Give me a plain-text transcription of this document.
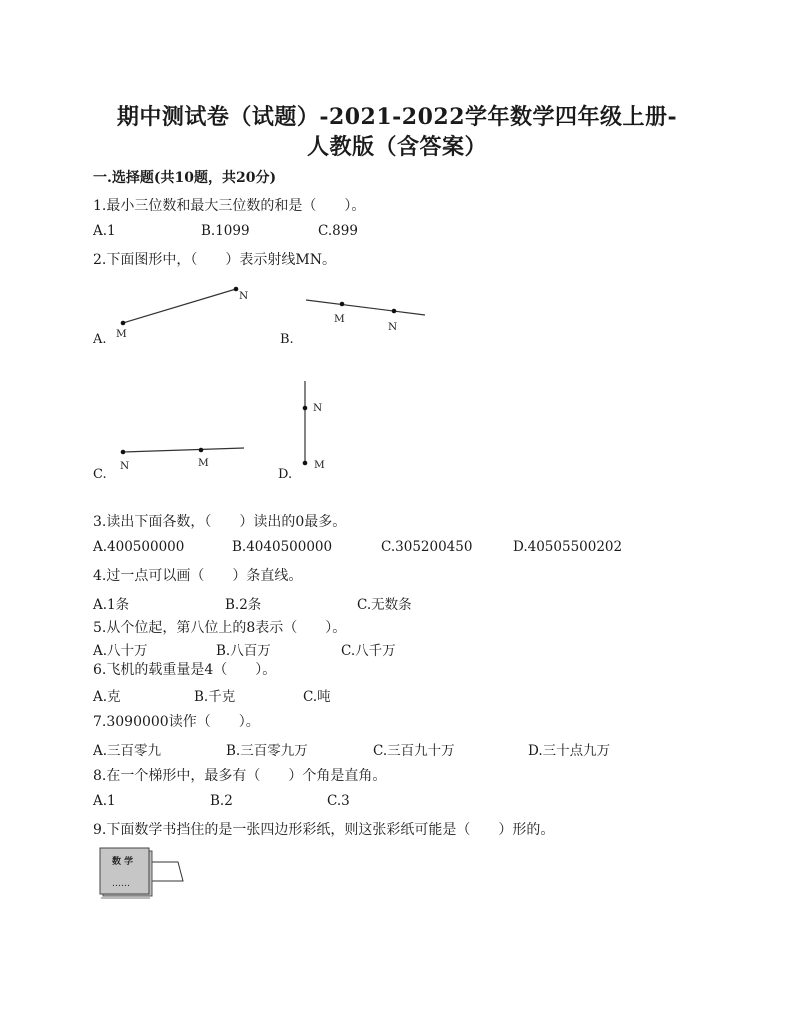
期中测试卷（试题）-2021-2022学年数学四年级上册-
人教版（含答案）
一.选择题(共10题，共20分)
1.最小三位数和最大三位数的和是（　　）。
A.1	B.1099	C.899
2.下面图形中，（　　）表示射线MN。
M
N
M
N
N	M
N
M
数 学
……
A.	B.
C.	D.
3.读出下面各数，（　　）读出的0最多。
A.400500000	B.4040500000	C.305200450	D.40505500202
4.过一点可以画（　　）条直线。
A.1条	B.2条	C.无数条
5.从个位起，第八位上的8表示（　　）。
A.八十万	B.八百万	C.八千万
6.飞机的载重量是4（　　）。
A.克	B.千克	C.吨
7.3090000读作（　　）。
A.三百零九	B.三百零九万	C.三百九十万	D.三十点九万
8.在一个梯形中，最多有（　　）个角是直角。
A.1	B.2	C.3
9.下面数学书挡住的是一张四边形彩纸，则这张彩纸可能是（　　）形的。
